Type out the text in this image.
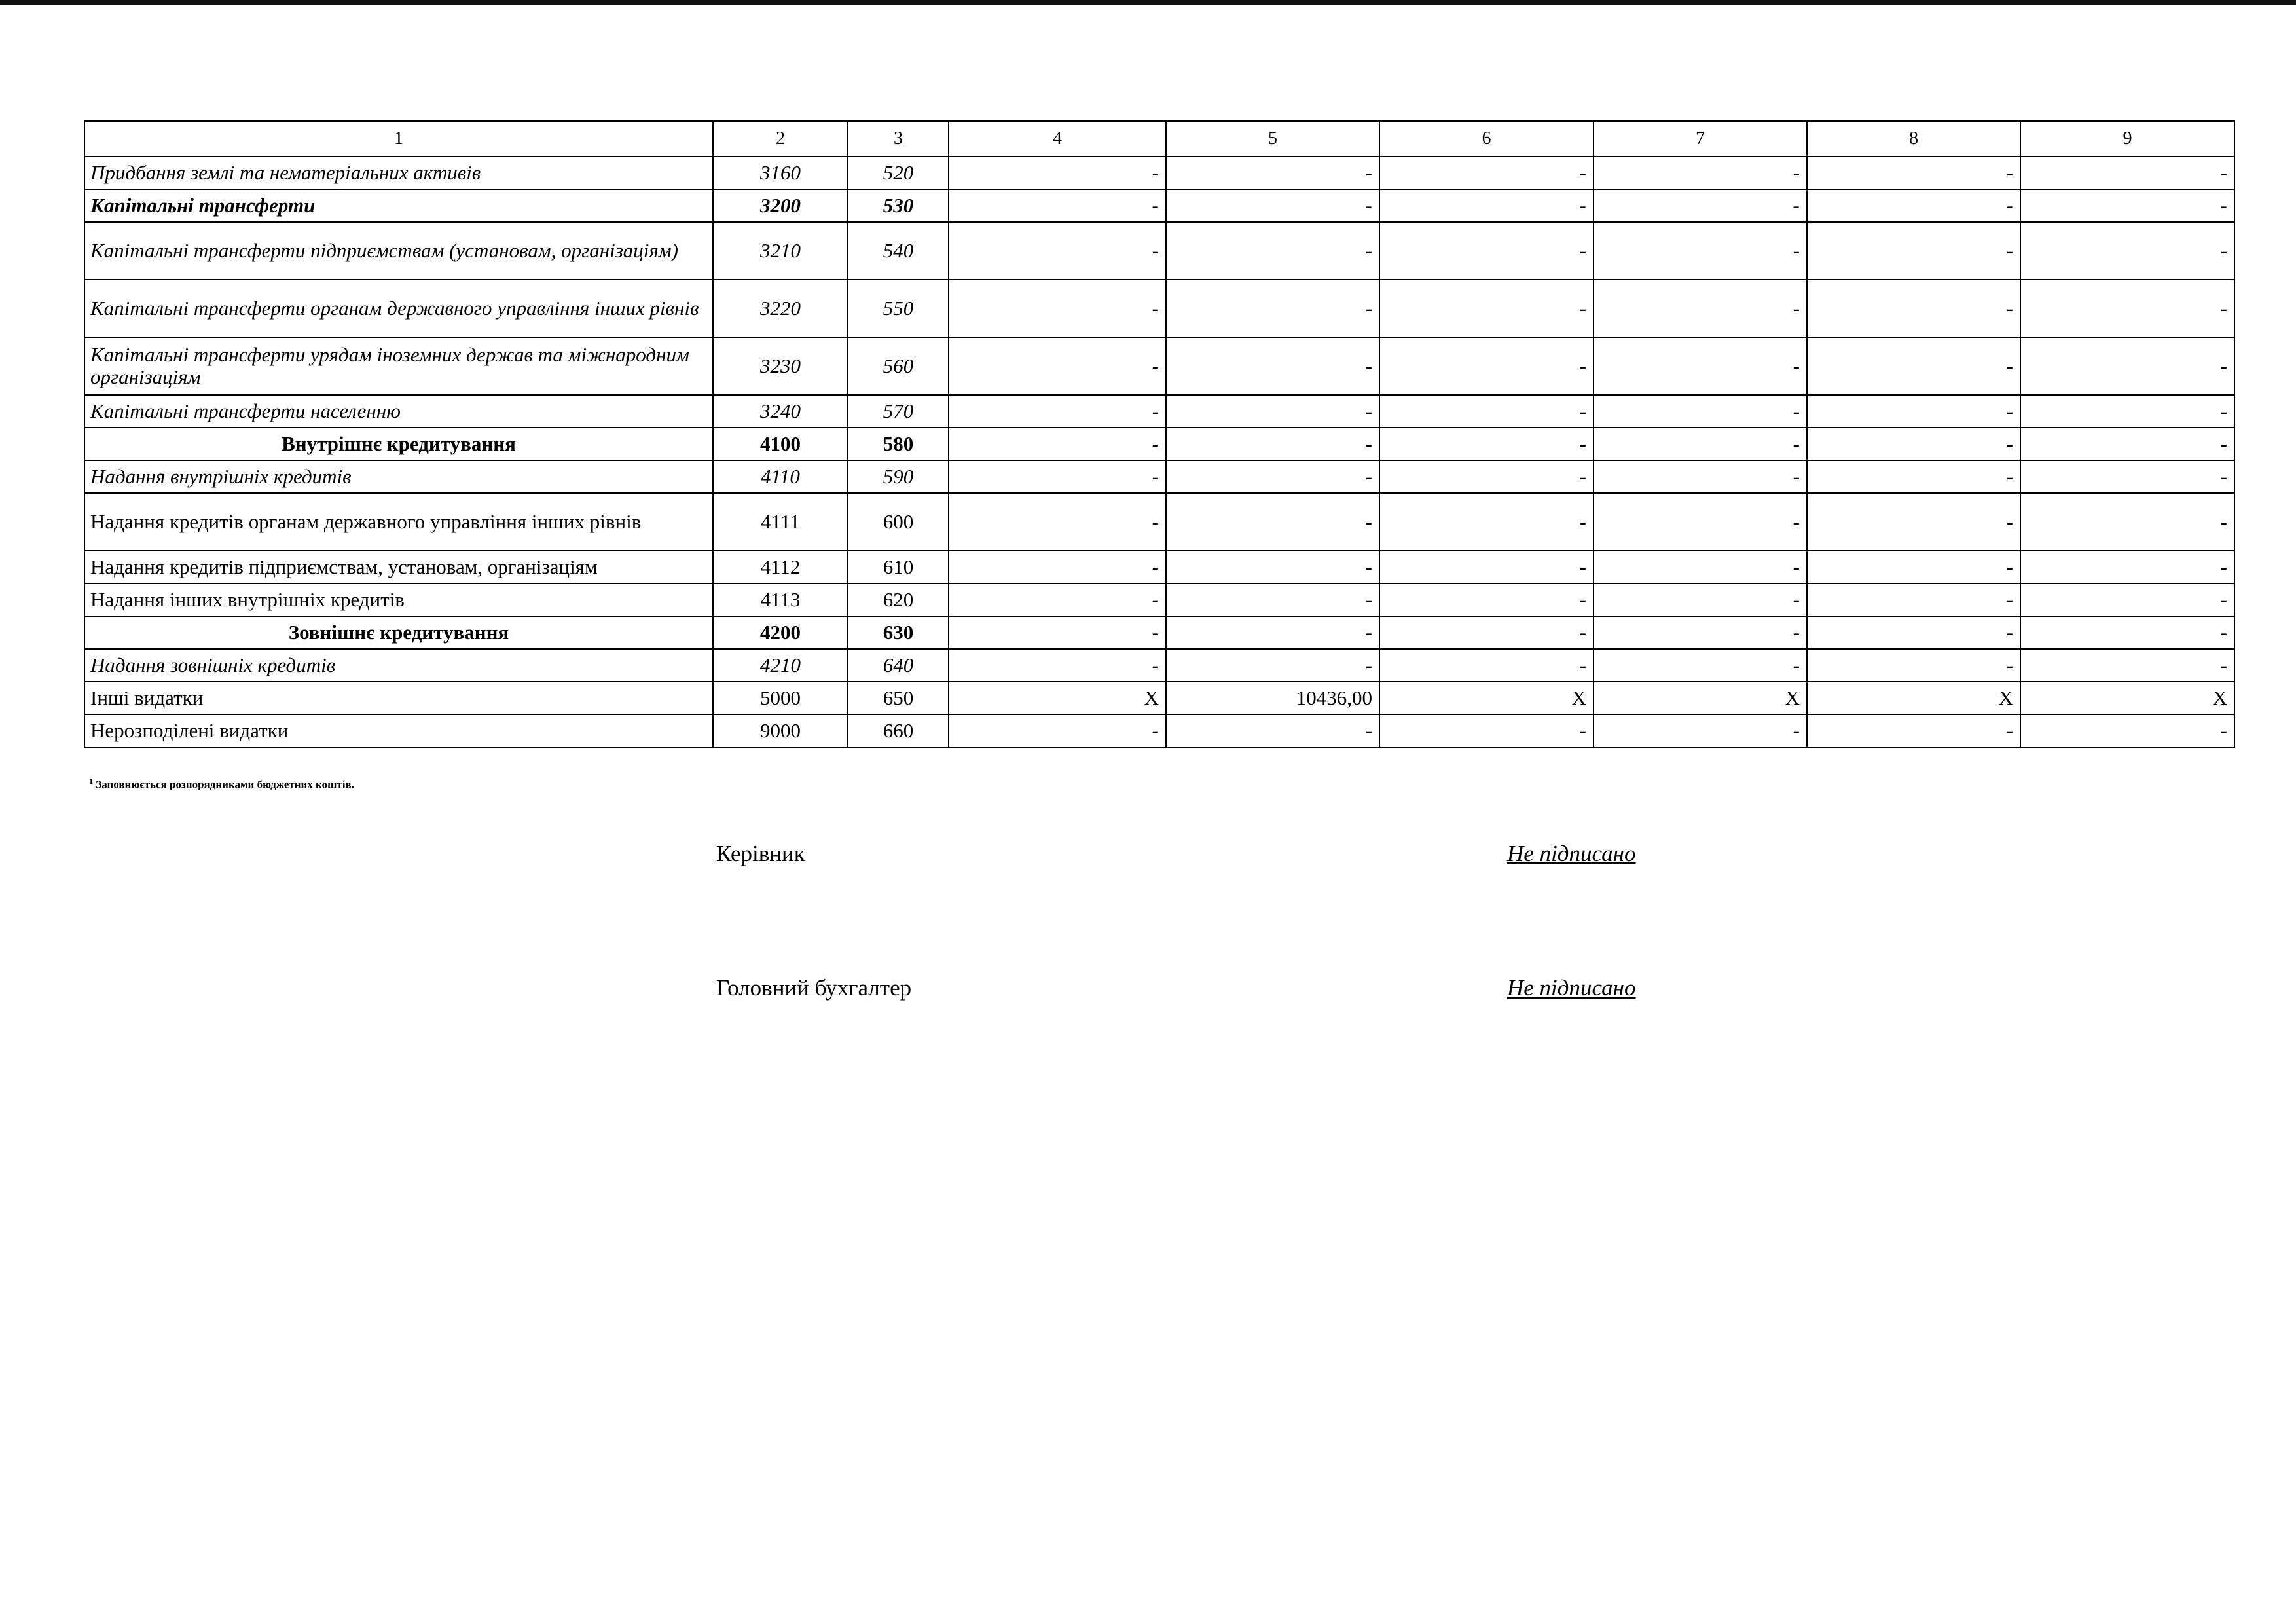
1	2	3	4	5	6	7	8	9
Придбання землі та нематеріальних активів	3160	520	-	-	-	-	-	-
Капітальні трансферти	3200	530	-	-	-	-	-	-
Капітальні трансферти підприємствам (установам, організаціям)	3210	540	-	-	-	-	-	-
Капітальні трансферти органам державного управління інших рівнів	3220	550	-	-	-	-	-	-
Капітальні трансферти урядам іноземних держав та міжнародним організаціям	3230	560	-	-	-	-	-	-
Капітальні трансферти населенню	3240	570	-	-	-	-	-	-
Внутрішнє кредитування	4100	580	-	-	-	-	-	-
Надання внутрішніх кредитів	4110	590	-	-	-	-	-	-
Надання кредитів органам державного управління інших рівнів	4111	600	-	-	-	-	-	-
Надання кредитів підприємствам, установам, організаціям	4112	610	-	-	-	-	-	-
Надання інших внутрішніх кредитів	4113	620	-	-	-	-	-	-
Зовнішнє кредитування	4200	630	-	-	-	-	-	-
Надання зовнішніх кредитів	4210	640	-	-	-	-	-	-
Інші видатки	5000	650	X	10436,00	X	X	X	X
Нерозподілені видатки	9000	660	-	-	-	-	-	-
$^1$ Заповнюється розпорядниками бюджетних коштів.
Керівник	Не підписано
Головний бухгалтер	Не підписано
